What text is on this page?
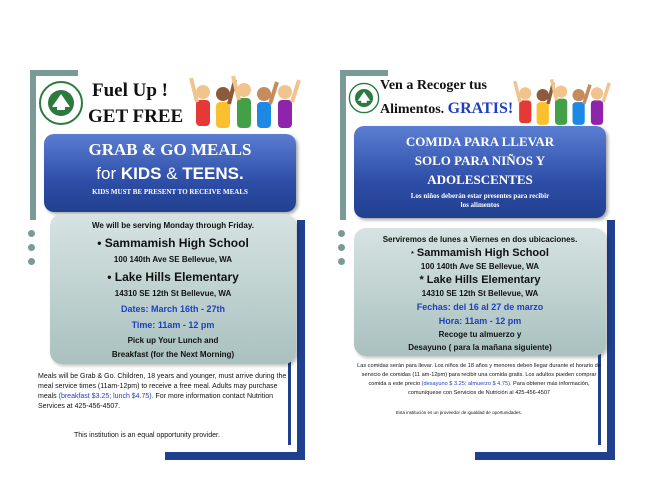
Fuel Up !
GET FREE
GRAB & GO MEALS
for KIDS & TEENS.
KIDS MUST BE PRESENT TO RECEIVE MEALS
We will be serving Monday through Friday.
• Sammamish High School
100 140th Ave SE Bellevue, WA
• Lake Hills Elementary
14310 SE 12th St Bellevue, WA
Dates: March 16th - 27th
Time: 11am - 12 pm
Pick up Your Lunch and
Breakfast (for the Next Morning)
Meals will be Grab & Go. Children, 18 years and younger, must arrive during the meal service times (11am-12pm) to receive a free meal. Adults may purchase meals (breakfast $3.25; lunch $4.75). For more information contact Nutrition Services at 425-456-4507.
This institution is an equal opportunity provider.
Ven a Recoger tus
Alimentos. GRATIS!
COMIDA PARA LLEVAR
SOLO PARA NIÑOS Y
ADOLESCENTES
Los niños deberán estar presentes para recibir
los alimentos
Serviremos de lunes a Viernes en dos ubicaciones.
* Sammamish High School
100 140th Ave SE Bellevue, WA
* Lake Hills Elementary
14310 SE 12th St Bellevue, WA
Fechas: del 16 al 27 de marzo
Hora: 11am - 12 pm
Recoge tu almuerzo y
Desayuno ( para la mañana siguiente)
Las comidas serán para llevar. Los niños de 18 años y menores deben llegar durante el horario de servicio de comidas (11 am-12pm) para recibir una comida gratis. Los adultos pueden comprar comida a este precio (desayuno $ 3.25; almuerzo $ 4.75). Para obtener más información, comuníquese con Servicios de Nutrición al 425-456-4507
Esta institución es un proveedor de igualdad de oportunidades.
